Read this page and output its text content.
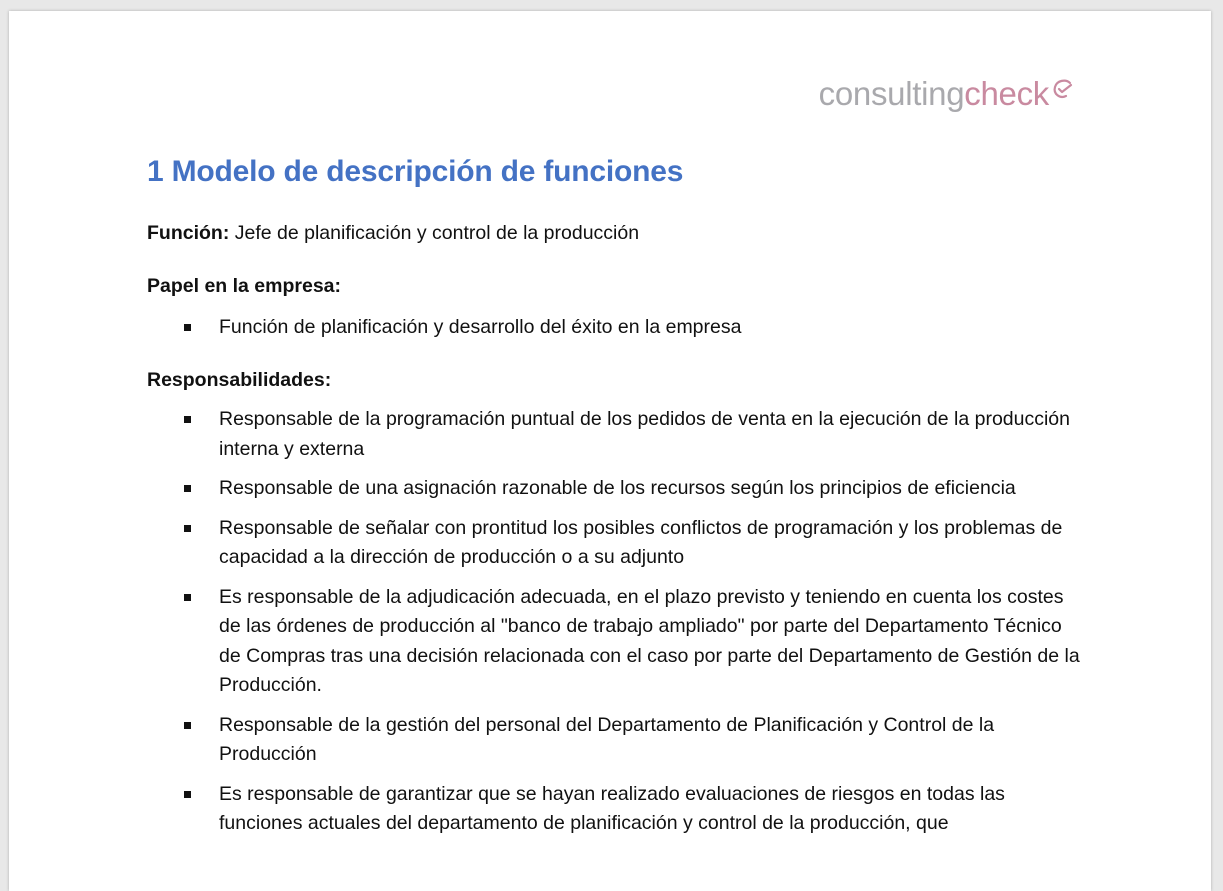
consultingcheck
1 Modelo de descripción de funciones
Función: Jefe de planificación y control de la producción
Papel en la empresa:
Función de planificación y desarrollo del éxito en la empresa
Responsabilidades:
Responsable de la programación puntual de los pedidos de venta en la ejecución de la producción interna y externa
Responsable de una asignación razonable de los recursos según los principios de eficiencia
Responsable de señalar con prontitud los posibles conflictos de programación y los problemas de capacidad a la dirección de producción o a su adjunto
Es responsable de la adjudicación adecuada, en el plazo previsto y teniendo en cuenta los costes de las órdenes de producción al "banco de trabajo ampliado" por parte del Departamento Técnico de Compras tras una decisión relacionada con el caso por parte del Departamento de Gestión de la Producción.
Responsable de la gestión del personal del Departamento de Planificación y Control de la Producción
Es responsable de garantizar que se hayan realizado evaluaciones de riesgos en todas las funciones actuales del departamento de planificación y control de la producción, que
